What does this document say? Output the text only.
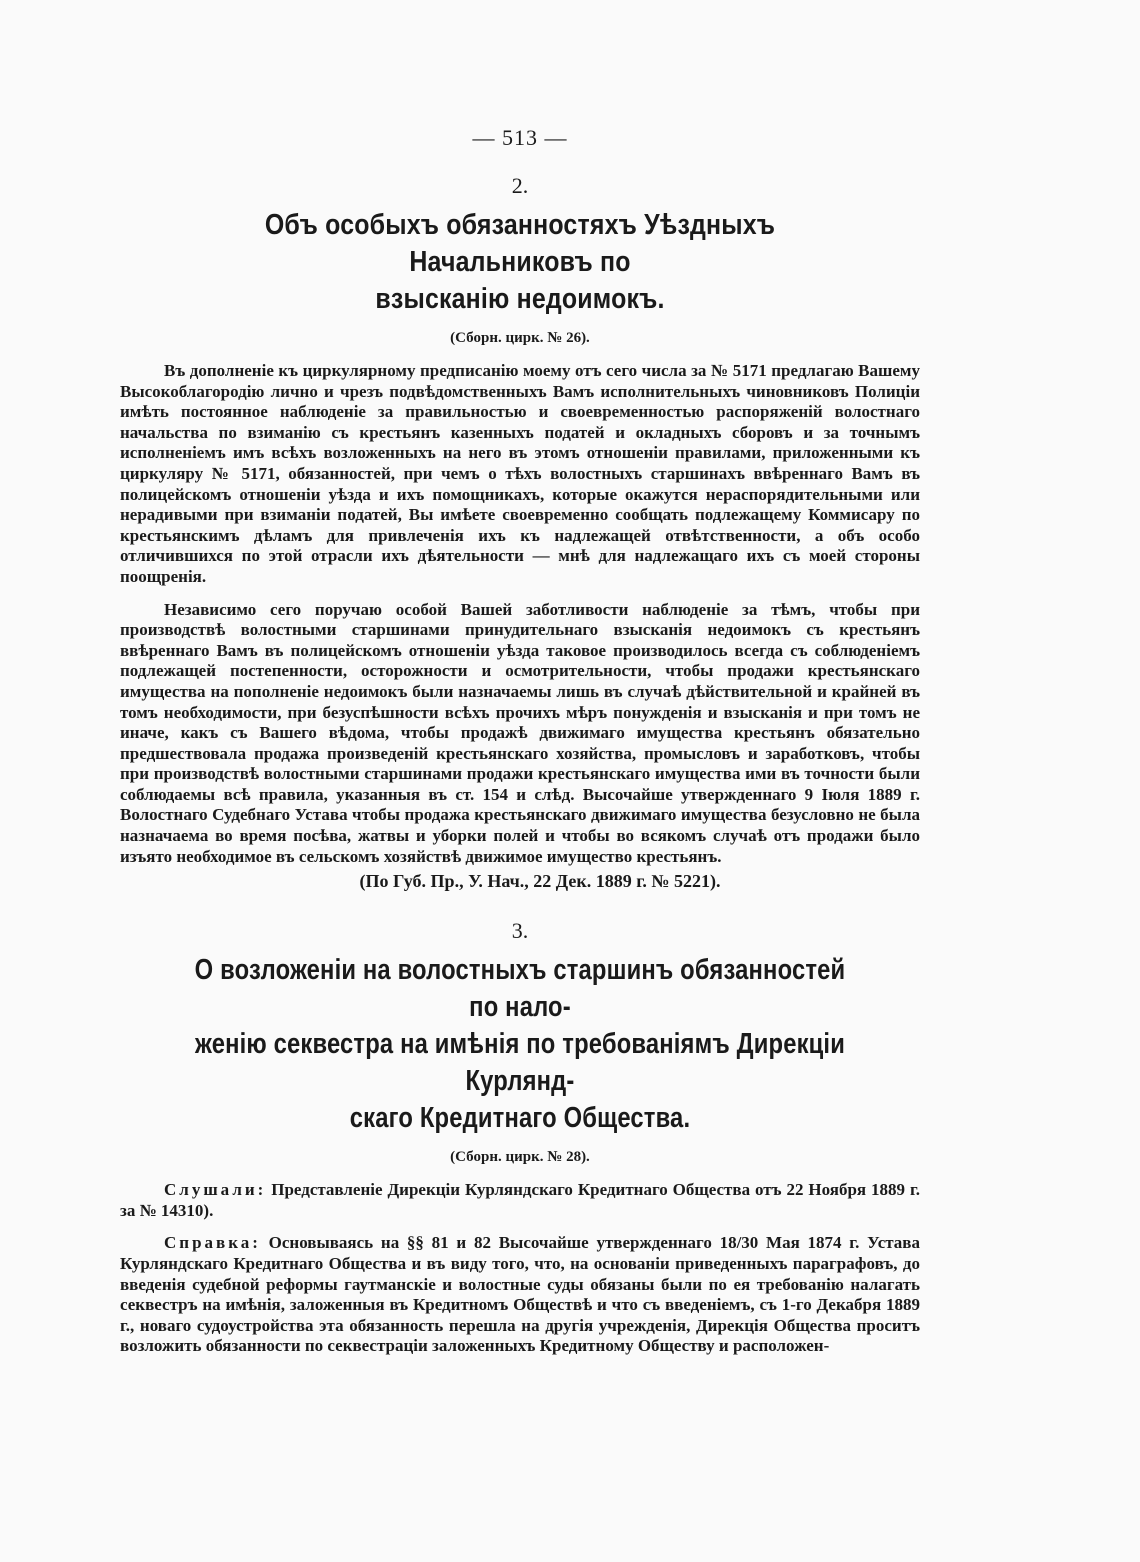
— 513 —
2.
Объ особыхъ обязанностяхъ Уѣздныхъ Начальниковъ по
взысканію недоимокъ.
(Сборн. цирк. № 26).

Въ дополненіе къ циркулярному предписанію моему отъ сего числа за № 5171 предлагаю Вашему Высокоблагородію лично и чрезъ подвѣдомственныхъ Вамъ исполнительныхъ чиновниковъ Полиціи имѣть постоянное наблюденіе за правильностью и своевременностью распоряженій волостнаго начальства по взиманію съ крестьянъ казенныхъ податей и окладныхъ сборовъ и за точнымъ исполненіемъ имъ всѣхъ возложенныхъ на него въ этомъ отношеніи правилами, приложенными къ циркуляру № 5171, обязанностей, при чемъ о тѣхъ волостныхъ старшинахъ ввѣреннаго Вамъ въ полицейскомъ отношеніи уѣзда и ихъ помощникахъ, которые окажутся нераспорядительными или нерадивыми при взиманіи податей, Вы имѣете своевременно сообщать подлежащему Коммисару по крестьянскимъ дѣламъ для привлеченія ихъ къ надлежащей отвѣтственности, а объ особо отличившихся по этой отрасли ихъ дѣятельности — мнѣ для надлежащаго ихъ съ моей стороны поощренія.

Независимо сего поручаю особой Вашей заботливости наблюденіе за тѣмъ, чтобы при производствѣ волостными старшинами принудительнаго взысканія недоимокъ съ крестьянъ ввѣреннаго Вамъ въ полицейскомъ отношеніи уѣзда таковое производилось всегда съ соблюденіемъ подлежащей постепенности, осторожности и осмотрительности, чтобы продажи крестьянскаго имущества на пополненіе недоимокъ были назначаемы лишь въ случаѣ дѣйствительной и крайней въ томъ необходимости, при безуспѣшности всѣхъ прочихъ мѣръ понужденія и взысканія и при томъ не иначе, какъ съ Вашего вѣдома, чтобы продажѣ движимаго имущества крестьянъ обязательно предшествовала продажа произведеній крестьянскаго хозяйства, промысловъ и заработковъ, чтобы при производствѣ волостными старшинами продажи крестьянскаго имущества ими въ точности были соблюдаемы всѣ правила, указанныя въ ст. 154 и слѣд. Высочайше утвержденнаго 9 Іюля 1889 г. Волостнаго Судебнаго Устава чтобы продажа крестьянскаго движимаго имущества безусловно не была назначаема во время посѣва, жатвы и уборки полей и чтобы во всякомъ случаѣ отъ продажи было изъято необходимое въ сельскомъ хозяйствѣ движимое имущество крестьянъ.

(По Губ. Пр., У. Нач., 22 Дек. 1889 г. № 5221).
3.
О возложеніи на волостныхъ старшинъ обязанностей по нало-
женію секвестра на имѣнія по требованіямъ Дирекціи Курлянд-
скаго Кредитнаго Общества.
(Сборн. цирк. № 28).

Слушали: Представленіе Дирекціи Курляндскаго Кредитнаго Общества отъ 22 Ноября 1889 г. за № 14310).

Справка: Основываясь на §§ 81 и 82 Высочайше утвержденнаго 18/30 Мая 1874 г. Устава Курляндскаго Кредитнаго Общества и въ виду того, что, на основаніи приведенныхъ параграфовъ, до введенія судебной реформы гаутманскіе и волостные суды обязаны были по ея требованію налагать секвестръ на имѣнія, заложенныя въ Кредитномъ Обществѣ и что съ введеніемъ, съ 1-го Декабря 1889 г., новаго судоустройства эта обязанность перешла на другія учрежденія, Дирекція Общества проситъ возложить обязанности по секвестраціи заложенныхъ Кредитному Обществу и расположен-
